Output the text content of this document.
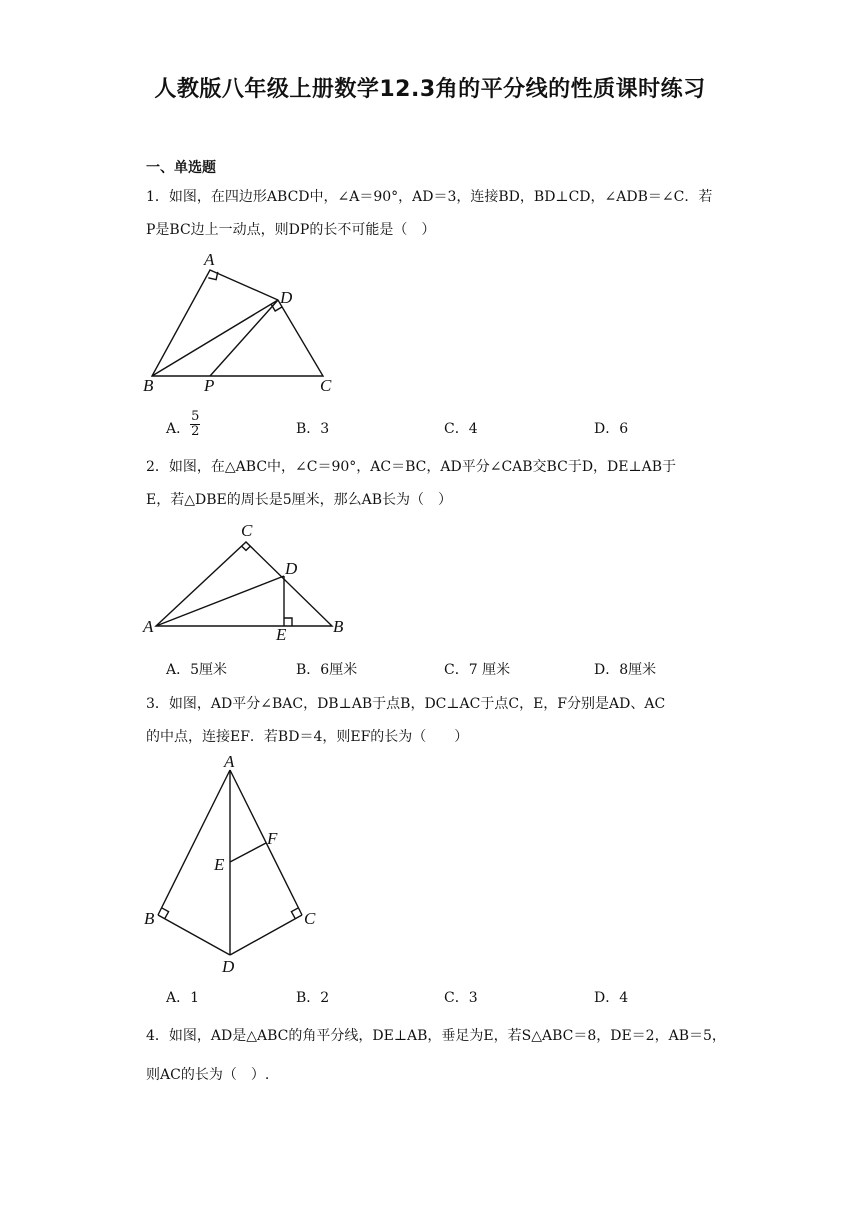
人教版八年级上册数学12.3角的平分线的性质课时练习
一、单选题
1．如图，在四边形ABCD中，∠A＝90°，AD＝3，连接BD，BD⊥CD，∠ADB＝∠C．若
P是BC边上一动点，则DP的长不可能是（　）
A
D
B	P	C
A． $\frac{5}{2}$	B．3	C．4	D．6
2．如图，在△ABC中，∠C＝90°，AC＝BC，AD平分∠CAB交BC于D，DE⊥AB于
E，若△DBE的周长是5厘米，那么AB长为（　）
C
D
A	E	B
A．5厘米	B．6厘米	C．7 厘米	D．8厘米
3．如图，AD平分∠BAC，DB⊥AB于点B，DC⊥AC于点C，E，F分别是AD、AC
的中点，连接EF．若BD＝4，则EF的长为（　　）
A
F
E
B	C
D
A．1	B．2	C．3	D．4
4．如图，AD是△ABC的角平分线，DE⊥AB，垂足为E，若S△ABC＝8，DE＝2，AB＝5，
则AC的长为（　）.
